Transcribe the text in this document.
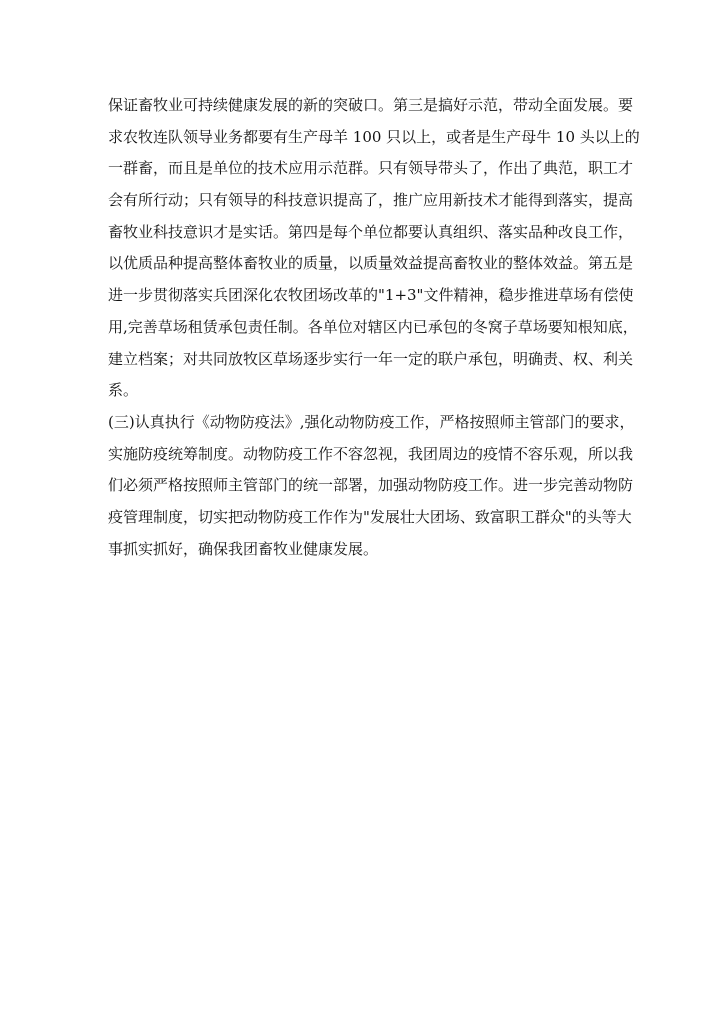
保证畜牧业可持续健康发展的新的突破口。第三是搞好示范，带动全面发展。要
求农牧连队领导业务都要有生产母羊 100 只以上，或者是生产母牛 10 头以上的
一群畜，而且是单位的技术应用示范群。只有领导带头了，作出了典范，职工才
会有所行动；只有领导的科技意识提高了，推广应用新技术才能得到落实，提高
畜牧业科技意识才是实话。第四是每个单位都要认真组织、落实品种改良工作，
以优质品种提高整体畜牧业的质量，以质量效益提高畜牧业的整体效益。第五是
进一步贯彻落实兵团深化农牧团场改革的"1+3"文件精神，稳步推进草场有偿使
用,完善草场租赁承包责任制。各单位对辖区内已承包的冬窝子草场要知根知底，
建立档案；对共同放牧区草场逐步实行一年一定的联户承包，明确责、权、利关
系。
(三)认真执行《动物防疫法》,强化动物防疫工作，严格按照师主管部门的要求，
实施防疫统筹制度。动物防疫工作不容忽视，我团周边的疫情不容乐观，所以我
们必须严格按照师主管部门的统一部署，加强动物防疫工作。进一步完善动物防
疫管理制度，切实把动物防疫工作作为"发展壮大团场、致富职工群众"的头等大
事抓实抓好，确保我团畜牧业健康发展。
